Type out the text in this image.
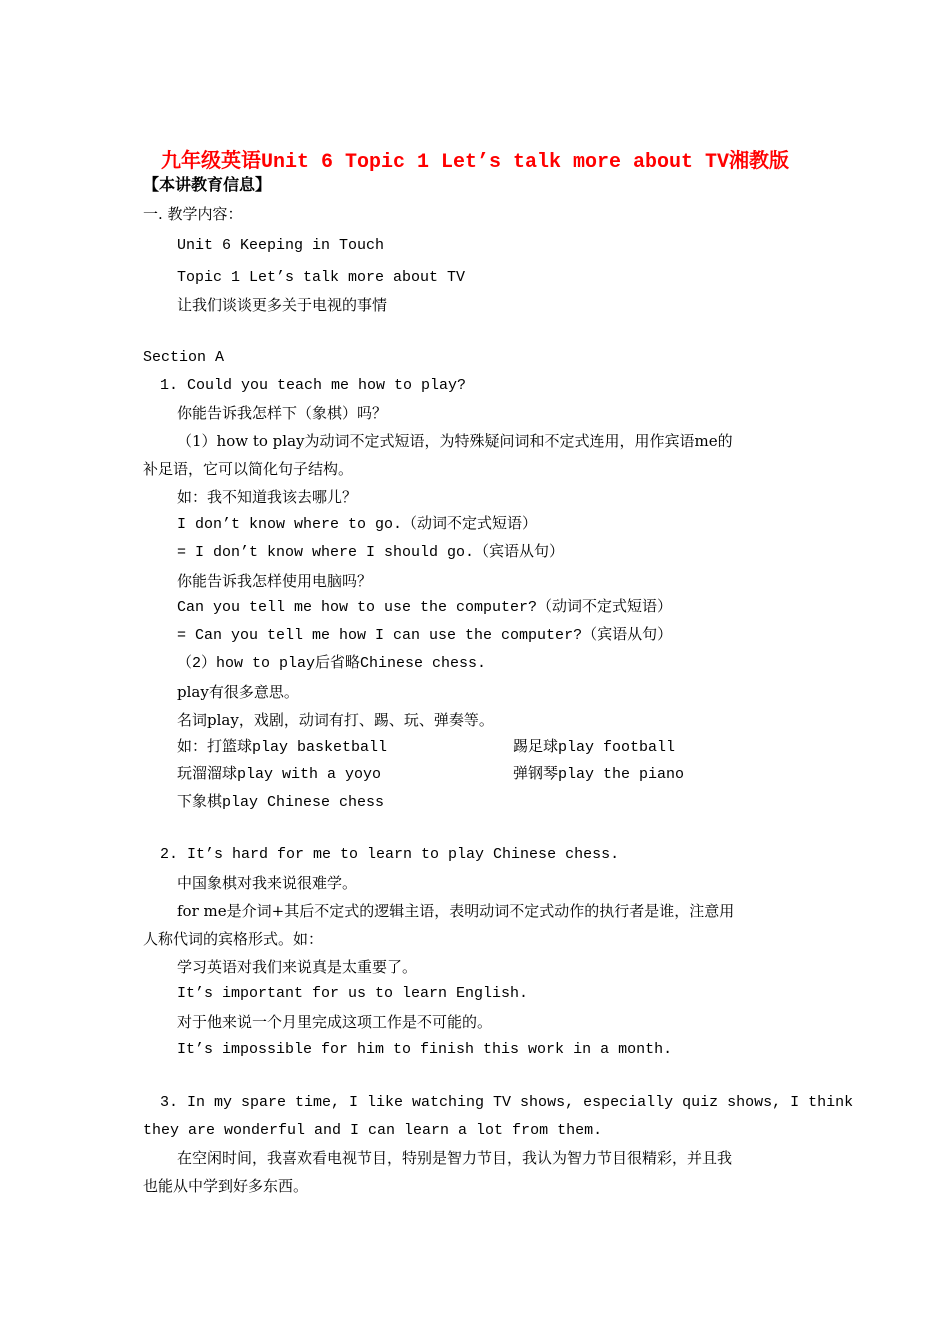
九年级英语Unit 6 Topic 1 Let’s talk more about TV湘教版
【本讲教育信息】
一. 教学内容：
Unit 6 Keeping in Touch
Topic 1 Let’s talk more about TV
让我们谈谈更多关于电视的事情
Section A
1. Could you teach me how to play?
你能告诉我怎样下（象棋）吗？
（1）how to play为动词不定式短语，为特殊疑问词和不定式连用，用作宾语me的
补足语，它可以简化句子结构。
如：我不知道我该去哪儿？
I don’t know where to go.（动词不定式短语）
= I don’t know where I should go.（宾语从句）
你能告诉我怎样使用电脑吗？
Can you tell me how to use the computer?（动词不定式短语）
= Can you tell me how I can use the computer?（宾语从句）
（2）how to play后省略Chinese chess.
play有很多意思。
名词play，戏剧，动词有打、踢、玩、弹奏等。
如：打篮球play basketball	踢足球play football
玩溜溜球play with a yoyo	弹钢琴play the piano
下象棋play Chinese chess
2. It’s hard for me to learn to play Chinese chess.
中国象棋对我来说很难学。
for me是介词+其后不定式的逻辑主语，表明动词不定式动作的执行者是谁，注意用
人称代词的宾格形式。如：
学习英语对我们来说真是太重要了。
It’s important for us to learn English.
对于他来说一个月里完成这项工作是不可能的。
It’s impossible for him to finish this work in a month.
3. In my spare time, I like watching TV shows, especially quiz shows, I think
they are wonderful and I can learn a lot from them.
在空闲时间，我喜欢看电视节目，特别是智力节目，我认为智力节目很精彩，并且我
也能从中学到好多东西。
